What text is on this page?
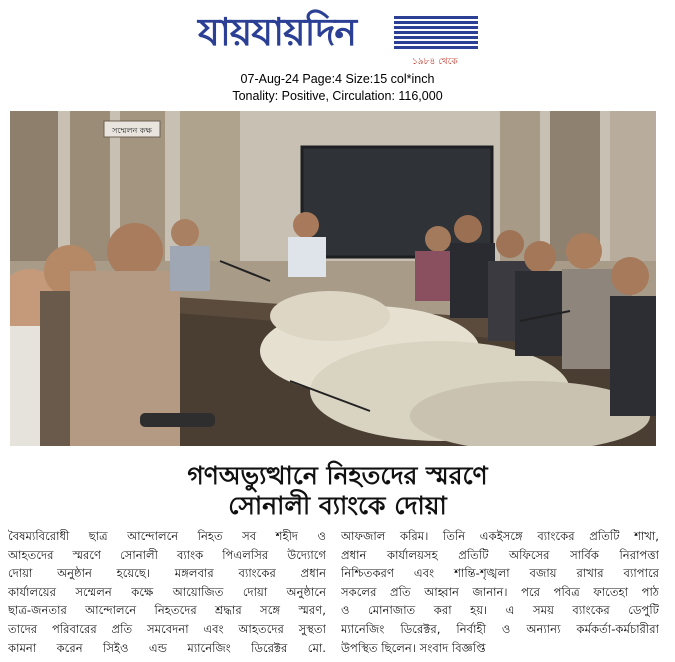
যায়যায়দিন
১৯৮৪ থেকে
07-Aug-24 Page:4 Size:15 col*inch
Tonality: Positive, Circulation: 116,000
সম্মেলন কক্ষ
গণঅভ্যুত্থানে নিহতদের স্মরণে
সোনালী ব্যাংকে দোয়া

বৈষম্যবিরোধী ছাত্র আন্দোলনে নিহত সব শহীদ ও

আহতদের স্মরণে সোনালী ব্যাংক পিএলসির উদ্যোগে

দোয়া অনুষ্ঠান হয়েছে। মঙ্গলবার ব্যাংকের প্রধান

কার্যালয়ের সম্মেলন কক্ষে আয়োজিত দোয়া অনুষ্ঠানে

ছাত্র-জনতার আন্দোলনে নিহতদের শ্রদ্ধার সঙ্গে স্মরণ,

তাদের পরিবারের প্রতি সমবেদনা এবং আহতদের সুস্থতা

কামনা করেন সিইও এন্ড ম্যানেজিং ডিরেক্টর মো.

আফজাল করিম। তিনি একইসঙ্গে ব্যাংকের প্রতিটি শাখা,

প্রধান কার্যালয়সহ প্রতিটি অফিসের সার্বিক নিরাপত্তা

নিশ্চিতকরণ এবং শান্তি-শৃঙ্খলা বজায় রাখার ব্যাপারে

সকলের প্রতি আহ্বান জানান। পরে পবিত্র ফাতেহা পাঠ

ও মোনাজাত করা হয়। এ সময় ব্যাংকের ডেপুটি

ম্যানেজিং ডিরেক্টর, নির্বাহী ও অন্যান্য কর্মকর্তা-কর্মচারীরা

উপস্থিত ছিলেন। সংবাদ বিজ্ঞপ্তি
